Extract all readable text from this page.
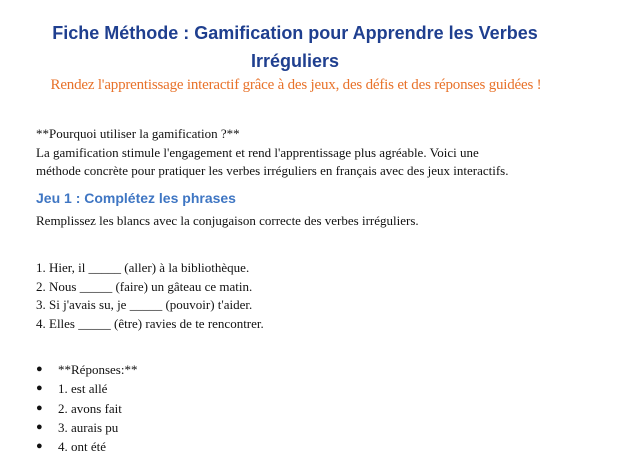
Fiche Méthode : Gamification pour Apprendre les Verbes
Irréguliers
Rendez l'apprentissage interactif grâce à des jeux, des défis et des réponses guidées !
**Pourquoi utiliser la gamification ?**
La gamification stimule l'engagement et rend l'apprentissage plus agréable. Voici une
méthode concrète pour pratiquer les verbes irréguliers en français avec des jeux interactifs.
Jeu 1 : Complétez les phrases
Remplissez les blancs avec la conjugaison correcte des verbes irréguliers.
1. Hier, il _____ (aller) à la bibliothèque.
2. Nous _____ (faire) un gâteau ce matin.
3. Si j'avais su, je _____ (pouvoir) t'aider.
4. Elles _____ (être) ravies de te rencontrer.
● **Réponses:**
● 1. est allé
● 2. avons fait
● 3. aurais pu
● 4. ont été
